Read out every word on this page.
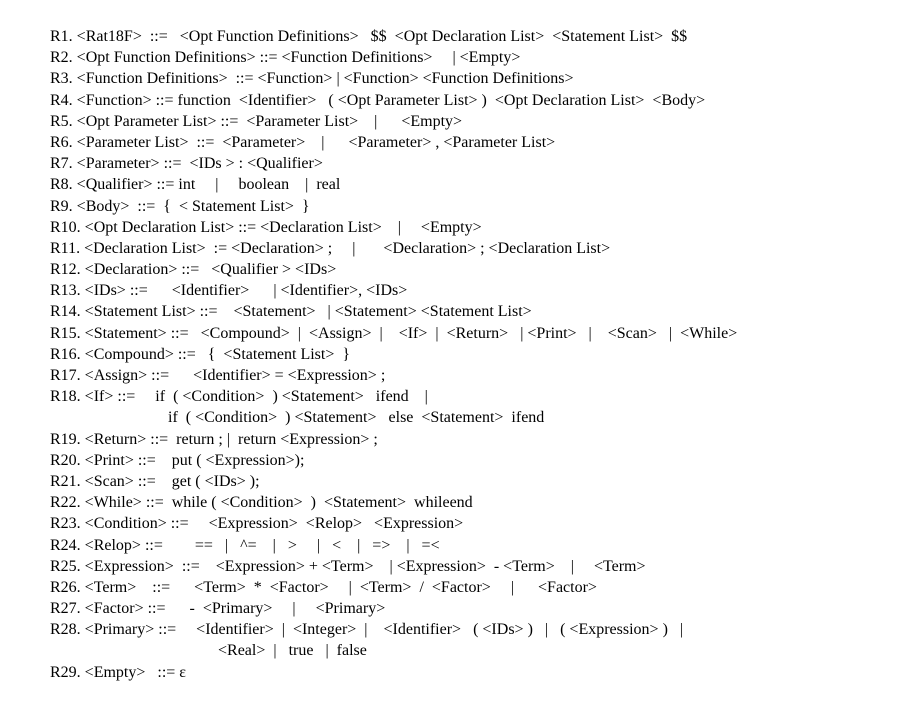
R1. <Rat18F>  ::=   <Opt Function Definitions>   $$  <Opt Declaration List>  <Statement List>  $$
R2. <Opt Function Definitions> ::= <Function Definitions>     | <Empty>
R3. <Function Definitions>  ::= <Function> | <Function> <Function Definitions>
R4. <Function> ::= function  <Identifier>   ( <Opt Parameter List> )  <Opt Declaration List>  <Body>
R5. <Opt Parameter List> ::=  <Parameter List>    |      <Empty>
R6. <Parameter List>  ::=  <Parameter>    |      <Parameter> , <Parameter List>
R7. <Parameter> ::=  <IDs > : <Qualifier>
R8. <Qualifier> ::= int     |     boolean    |  real
R9. <Body>  ::=  {  < Statement List>  }
R10. <Opt Declaration List> ::= <Declaration List>    |     <Empty>
R11. <Declaration List>  := <Declaration> ;     |       <Declaration> ; <Declaration List>
R12. <Declaration> ::=   <Qualifier > <IDs>
R13. <IDs> ::=      <Identifier>      | <Identifier>, <IDs>
R14. <Statement List> ::=    <Statement>   | <Statement> <Statement List>
R15. <Statement> ::=   <Compound>  |  <Assign>  |    <If>  |  <Return>   | <Print>   |    <Scan>   |  <While>
R16. <Compound> ::=   {  <Statement List>  }
R17. <Assign> ::=      <Identifier> = <Expression> ;
R18. <If> ::=     if  ( <Condition>  ) <Statement>   ifend    |
if  ( <Condition>  ) <Statement>   else  <Statement>  ifend
R19. <Return> ::=  return ; |  return <Expression> ;
R20. <Print> ::=    put ( <Expression>);
R21. <Scan> ::=    get ( <IDs> );
R22. <While> ::=  while ( <Condition>  )  <Statement>  whileend
R23. <Condition> ::=     <Expression>  <Relop>   <Expression>
R24. <Relop> ::=        ==   |   ^=    |   >     |   <    |   =>    |   =<
R25. <Expression>  ::=    <Expression> + <Term>    | <Expression>  - <Term>    |     <Term>
R26. <Term>    ::=      <Term>  *  <Factor>     |  <Term>  /  <Factor>     |      <Factor>
R27. <Factor> ::=      -  <Primary>     |     <Primary>
R28. <Primary> ::=     <Identifier>  |  <Integer>  |    <Identifier>   ( <IDs> )   |   ( <Expression> )   |
<Real>  |   true   |  false
R29. <Empty>   ::= ε
